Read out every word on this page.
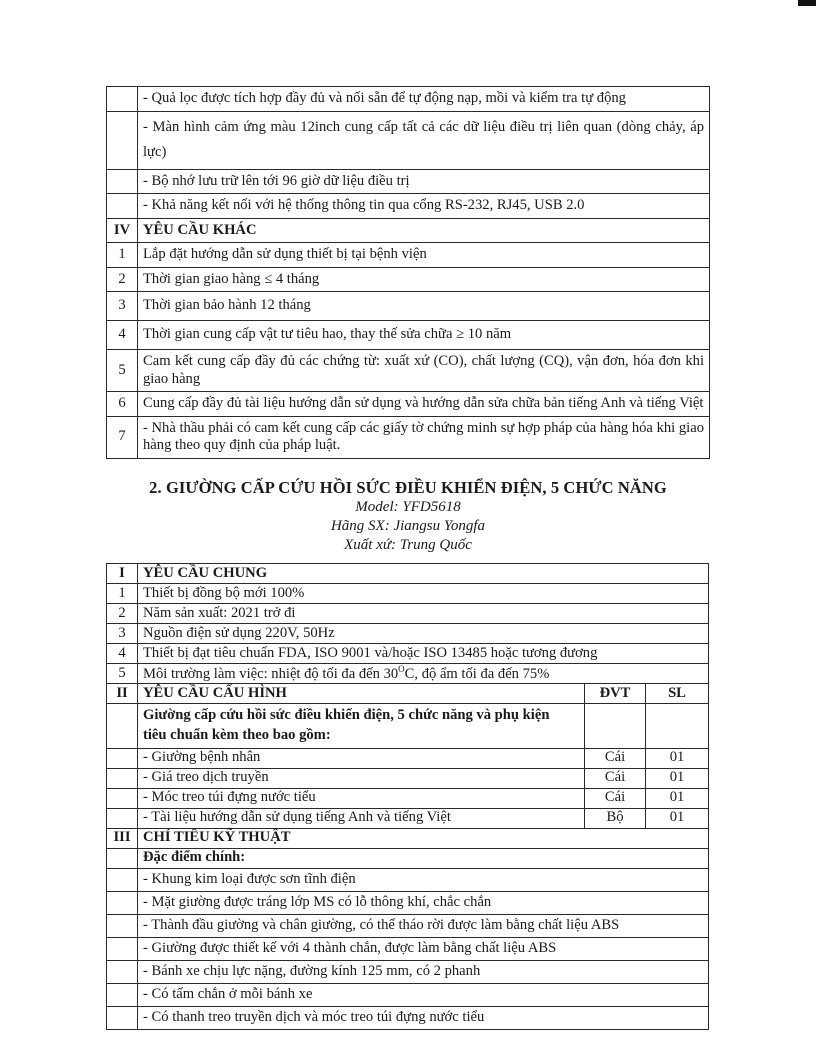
	- Quả lọc được tích hợp đầy đủ và nối sẵn để tự động nạp, mồi và kiểm tra tự động
	- Màn hình cảm ứng màu 12inch cung cấp tất cả các dữ liệu điều trị liên quan (dòng chảy, áp lực)
	- Bộ nhớ lưu trữ lên tới 96 giờ dữ liệu điều trị
	- Khả năng kết nối với hệ thống thông tin qua cổng RS-232, RJ45, USB 2.0
IV	YÊU CẦU KHÁC
1	Lắp đặt hướng dẫn sử dụng thiết bị tại bệnh viện
2	Thời gian giao hàng ≤ 4 tháng
3	Thời gian bảo hành 12 tháng
4	Thời gian cung cấp vật tư tiêu hao, thay thế sửa chữa ≥ 10 năm
5	Cam kết cung cấp đầy đủ các chứng từ: xuất xứ (CO), chất lượng (CQ), vận đơn, hóa đơn khi giao hàng
6	Cung cấp đầy đủ tài liệu hướng dẫn sử dụng và hướng dẫn sửa chữa bản tiếng Anh và tiếng Việt
7	- Nhà thầu phải có cam kết cung cấp các giấy tờ chứng minh sự hợp pháp của hàng hóa khi giao hàng theo quy định của pháp luật.
2. GIƯỜNG CẤP CỨU HỒI SỨC ĐIỀU KHIỂN ĐIỆN, 5 CHỨC NĂNG
Model: YFD5618
Hãng SX: Jiangsu Yongfa
Xuất xứ: Trung Quốc
I	YÊU CẦU CHUNG		
1	Thiết bị đồng bộ mới 100%		
2	Năm sản xuất: 2021 trở đi		
3	Nguồn điện sử dụng 220V, 50Hz		
4	Thiết bị đạt tiêu chuẩn FDA, ISO 9001 và/hoặc ISO 13485 hoặc tương đương		
5	Môi trường làm việc: nhiệt độ tối đa đến $30^OC$, độ ẩm tối đa đến 75%		
II	YÊU CẦU CẤU HÌNH	ĐVT	SL
	Giường cấp cứu hồi sức điều khiển điện, 5 chức năng và phụ kiện tiêu chuẩn kèm theo bao gồm:		
	- Giường bệnh nhân	Cái	01
	- Giá treo dịch truyền	Cái	01
	- Móc treo túi đựng nước tiểu	Cái	01
	- Tài liệu hướng dẫn sử dụng tiếng Anh và tiếng Việt	Bộ	01
III	CHỈ TIÊU KỸ THUẬT		
	Đặc điểm chính:		
	- Khung kim loại được sơn tĩnh điện		
	- Mặt giường được tráng lớp MS có lỗ thông khí, chắc chắn		
	- Thành đầu giường và chân giường, có thể tháo rời được làm bằng chất liệu ABS		
	- Giường được thiết kế với 4 thành chắn, được làm bằng chất liệu ABS		
	- Bánh xe chịu lực nặng, đường kính 125 mm, có 2 phanh		
	- Có tấm chắn ở mỗi bánh xe		
	- Có thanh treo truyền dịch và móc treo túi đựng nước tiểu		
